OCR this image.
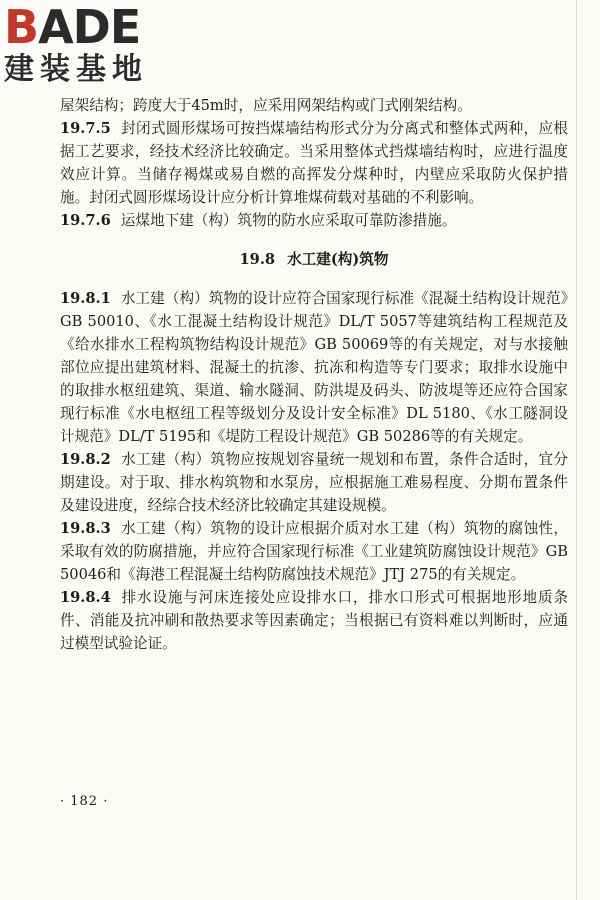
BADE
建装基地

屋架结构；跨度大于45m时，应采用网架结构或门式刚架结构。

19.7.5 封闭式圆形煤场可按挡煤墙结构形式分为分离式和整体式两种，应根据工艺要求，经技术经济比较确定。当采用整体式挡煤墙结构时，应进行温度效应计算。当储存褐煤或易自燃的高挥发分煤种时，内壁应采取防火保护措施。封闭式圆形煤场设计应分析计算堆煤荷载对基础的不利影响。

19.7.6 运煤地下建（构）筑物的防水应采取可靠防渗措施。

19.8 水工建(构)筑物

19.8.1 水工建（构）筑物的设计应符合国家现行标准《混凝土结构设计规范》GB 50010、《水工混凝土结构设计规范》DL/T 5057等建筑结构工程规范及《给水排水工程构筑物结构设计规范》GB 50069等的有关规定，对与水接触部位应提出建筑材料、混凝土的抗渗、抗冻和构造等专门要求；取排水设施中的取排水枢纽建筑、渠道、输水隧洞、防洪堤及码头、防波堤等还应符合国家现行标准《水电枢纽工程等级划分及设计安全标准》DL 5180、《水工隧洞设计规范》DL/T 5195和《堤防工程设计规范》GB 50286等的有关规定。

19.8.2 水工建（构）筑物应按规划容量统一规划和布置，条件合适时，宜分期建设。对于取、排水构筑物和水泵房，应根据施工难易程度、分期布置条件及建设进度，经综合技术经济比较确定其建设规模。

19.8.3 水工建（构）筑物的设计应根据介质对水工建（构）筑物的腐蚀性，采取有效的防腐措施，并应符合国家现行标准《工业建筑防腐蚀设计规范》GB 50046和《海港工程混凝土结构防腐蚀技术规范》JTJ 275的有关规定。

19.8.4 排水设施与河床连接处应设排水口，排水口形式可根据地形地质条件、消能及抗冲刷和散热要求等因素确定；当根据已有资料难以判断时，应通过模型试验论证。

· 182 ·
